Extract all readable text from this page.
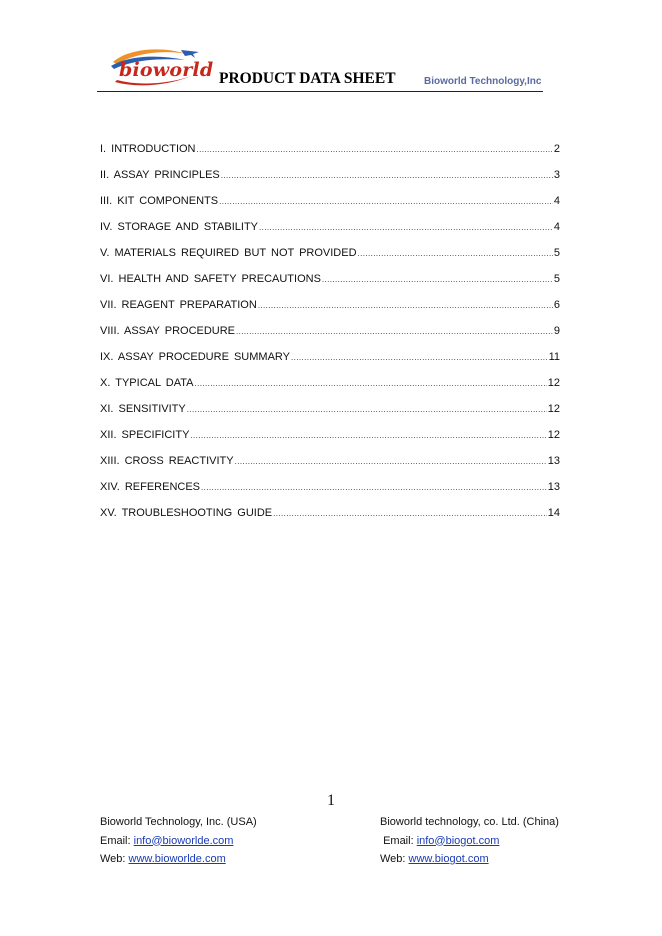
bioworld PRODUCT DATA SHEET	Bioworld Technology,Inc
I. INTRODUCTION .....	2
II. ASSAY PRINCIPLES .....	3
III. KIT COMPONENTS .....	4
IV. STORAGE AND STABILITY .....	4
V. MATERIALS REQUIRED BUT NOT PROVIDED .....	5
VI. HEALTH AND SAFETY PRECAUTIONS .....	5
VII. REAGENT PREPARATION .....	6
VIII. ASSAY PROCEDURE .....	9
IX. ASSAY PROCEDURE SUMMARY .....	11
X. TYPICAL DATA .....	12
XI. SENSITIVITY .....	12
XII. SPECIFICITY .....	12
XIII. CROSS REACTIVITY .....	13
XIV. REFERENCES .....	13
XV. TROUBLESHOOTING GUIDE .....	14
1
Bioworld Technology, Inc. (USA)
Email: info@bioworlde.com
Web: www.bioworlde.com
Bioworld technology, co. Ltd. (China)
Email: info@biogot.com
Web: www.biogot.com
